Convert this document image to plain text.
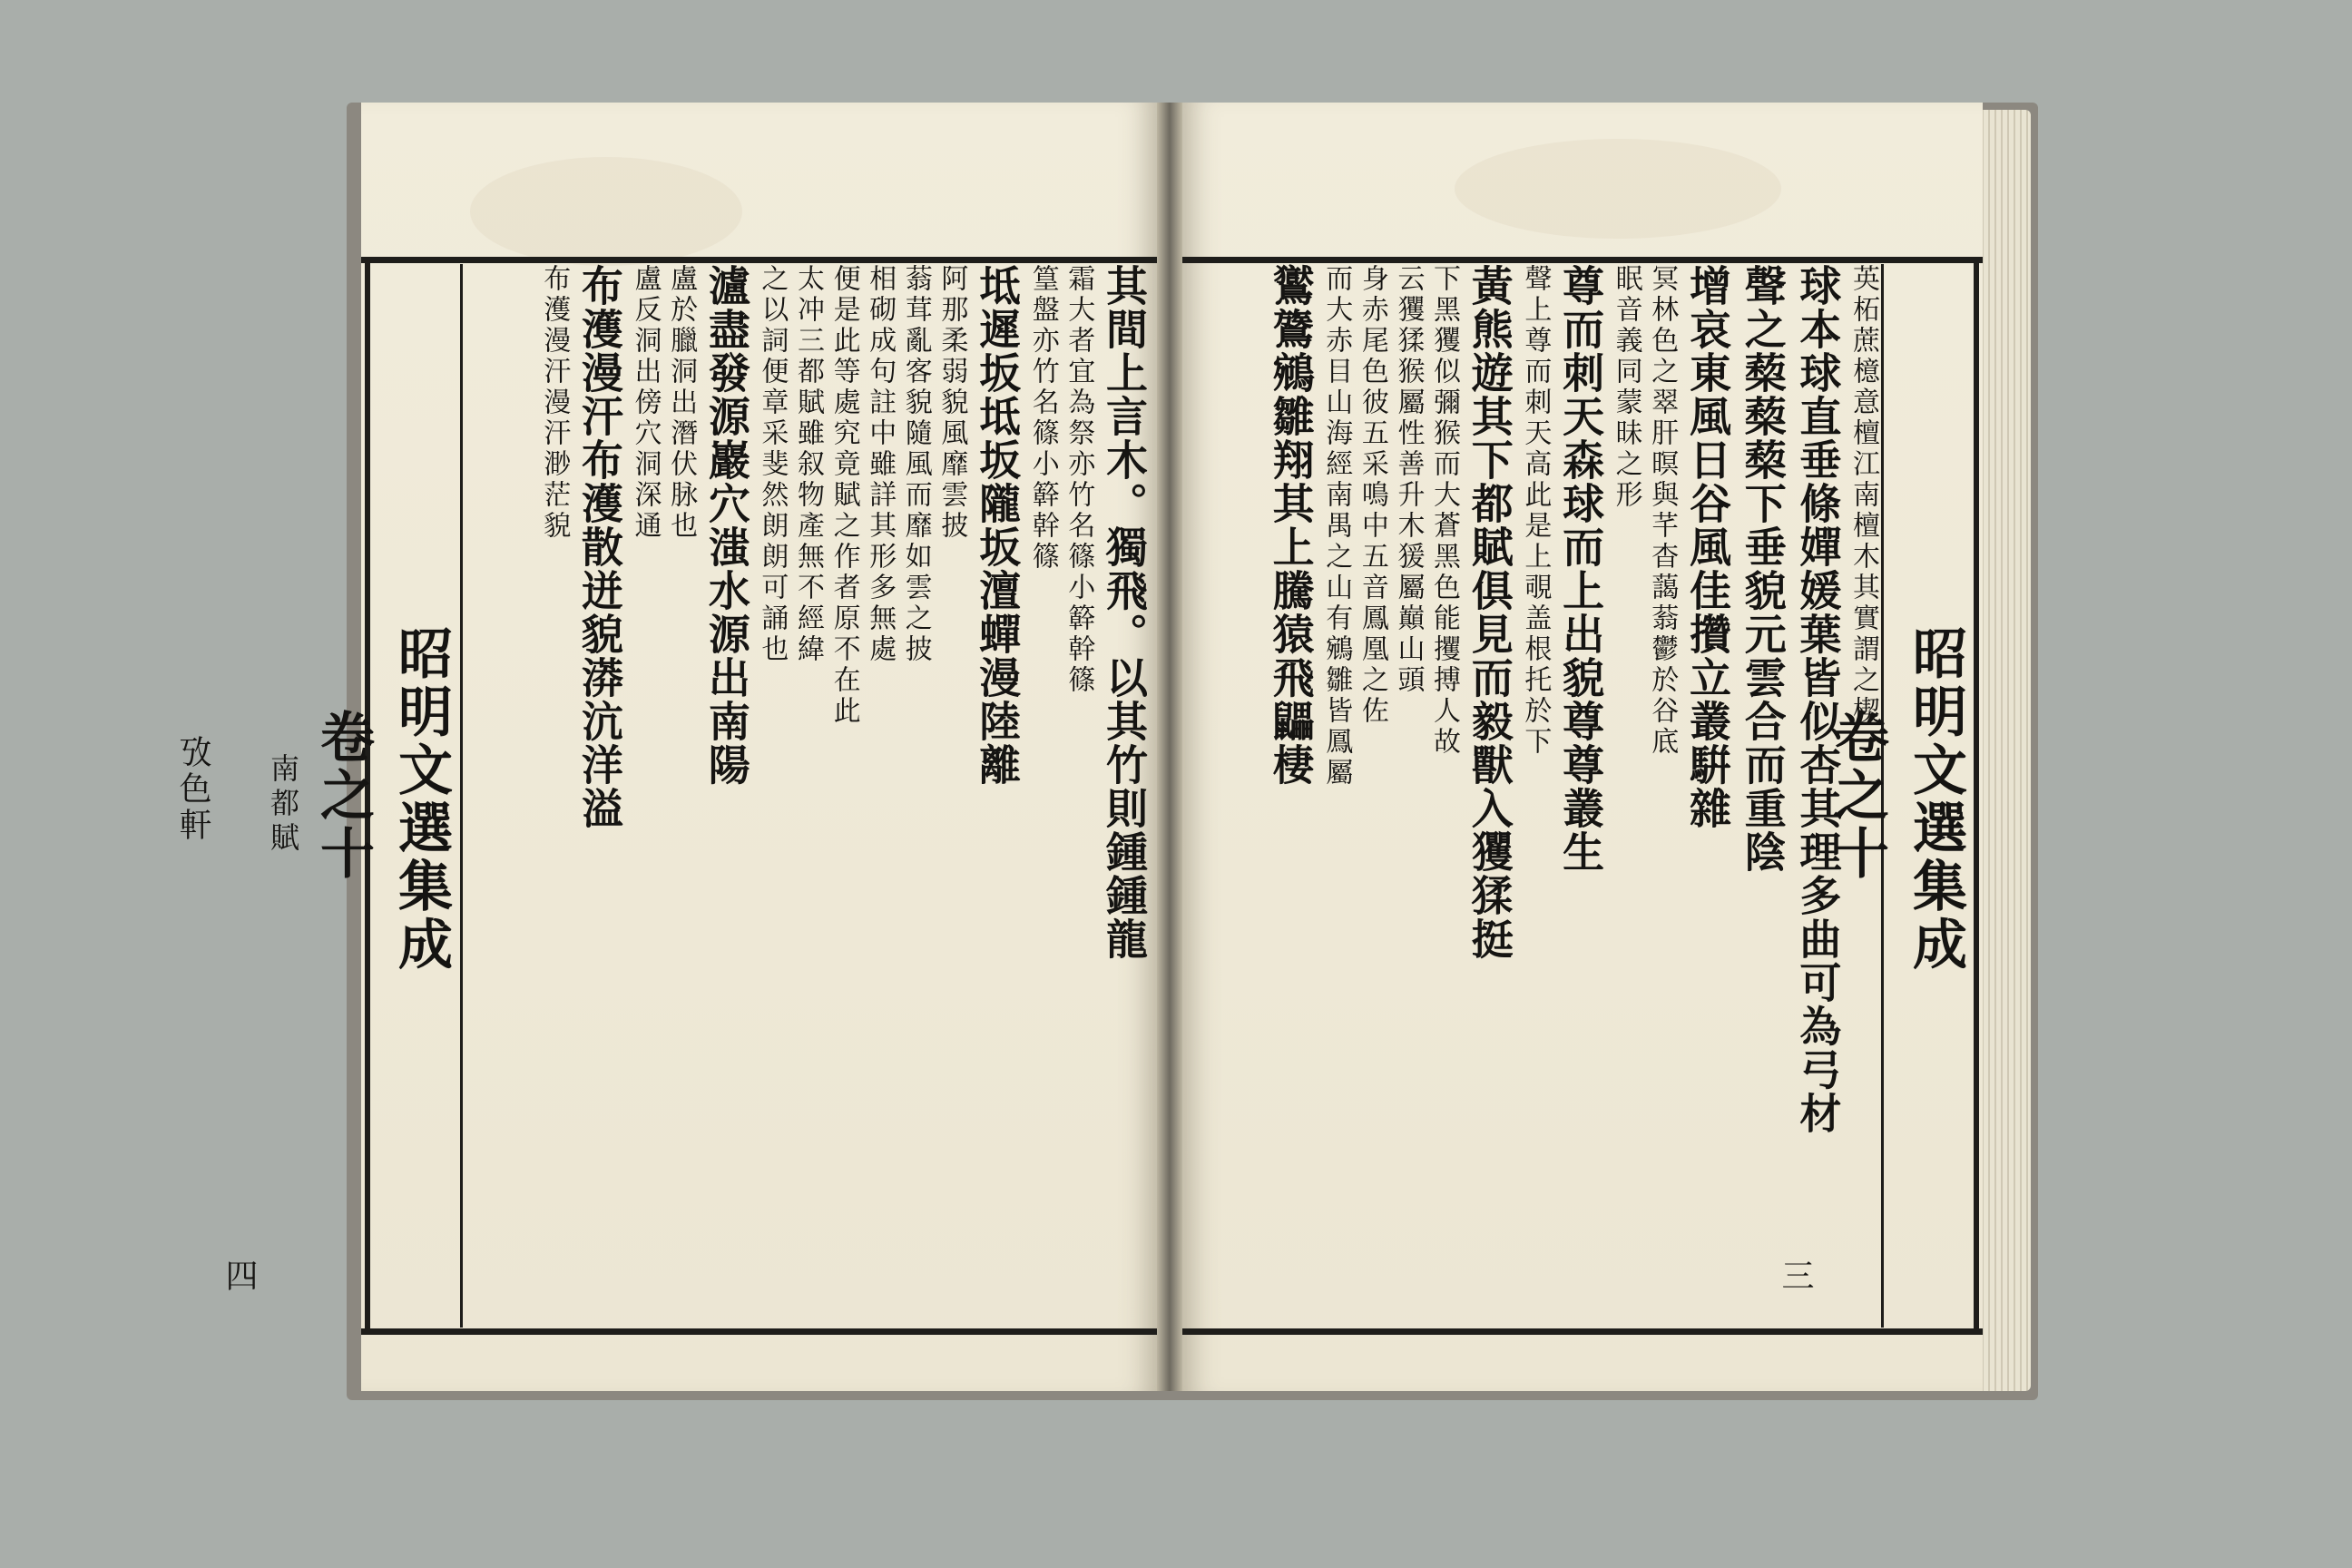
其間上言木。獨飛。以其竹則鍾鍾龍
霜大者宜為祭亦竹名篠小簳幹篠
篁盤亦竹名篠小簳幹篠
坻遲坂坻坂隴坂澶蟬漫陸離
阿那柔弱貌風靡雲披
蓊茸亂客貌隨風而靡如雲之披
相砌成句註中雖詳其形多無處
便是此等處究竟賦之作者原不在此
太冲三都賦雖叙物產無不經緯
之以詞便章采斐然朗朗可誦也
瀘盡發源巖穴滍水源出南陽
盧於臘洞出潛伏脉也
盧反洞出傍穴洞深通
布濩漫汗布濩散迸貌漭沆洋溢
布濩漫汗漫汗渺茫貌
昭明文選集成
卷之十
南都賦
四
攷色軒
英柘蔗檍意檀江南檀木其實謂之楔
球本球直垂條嬋媛葉皆似杏其理多曲可為弓材
聲之蔾蔾蔾下垂貌元雲合而重陰
增哀東風日谷風佳攢立叢騈雜
冥林色之翠肝暝與芊杳藹蓊鬱於谷底
眠音義同蒙昧之形
尊而刺天森球而上出貌尊尊叢生
聲上尊而刺天高此是上覗盖根托於下
黃熊遊其下都賦俱見而毅獸入玃猱挺
下黑玃似彌猴而大蒼黑色能攫搏人故
云玃猱猴屬性善升木猨屬巔山頭
身赤尾色彼五采鳴中五音鳳凰之佐
而大赤目山海經南禺之山有鵷雛皆鳳屬
鸑鷟鵷雛翔其上騰猿飛鼺棲
昭明文選集成
卷之十
三
